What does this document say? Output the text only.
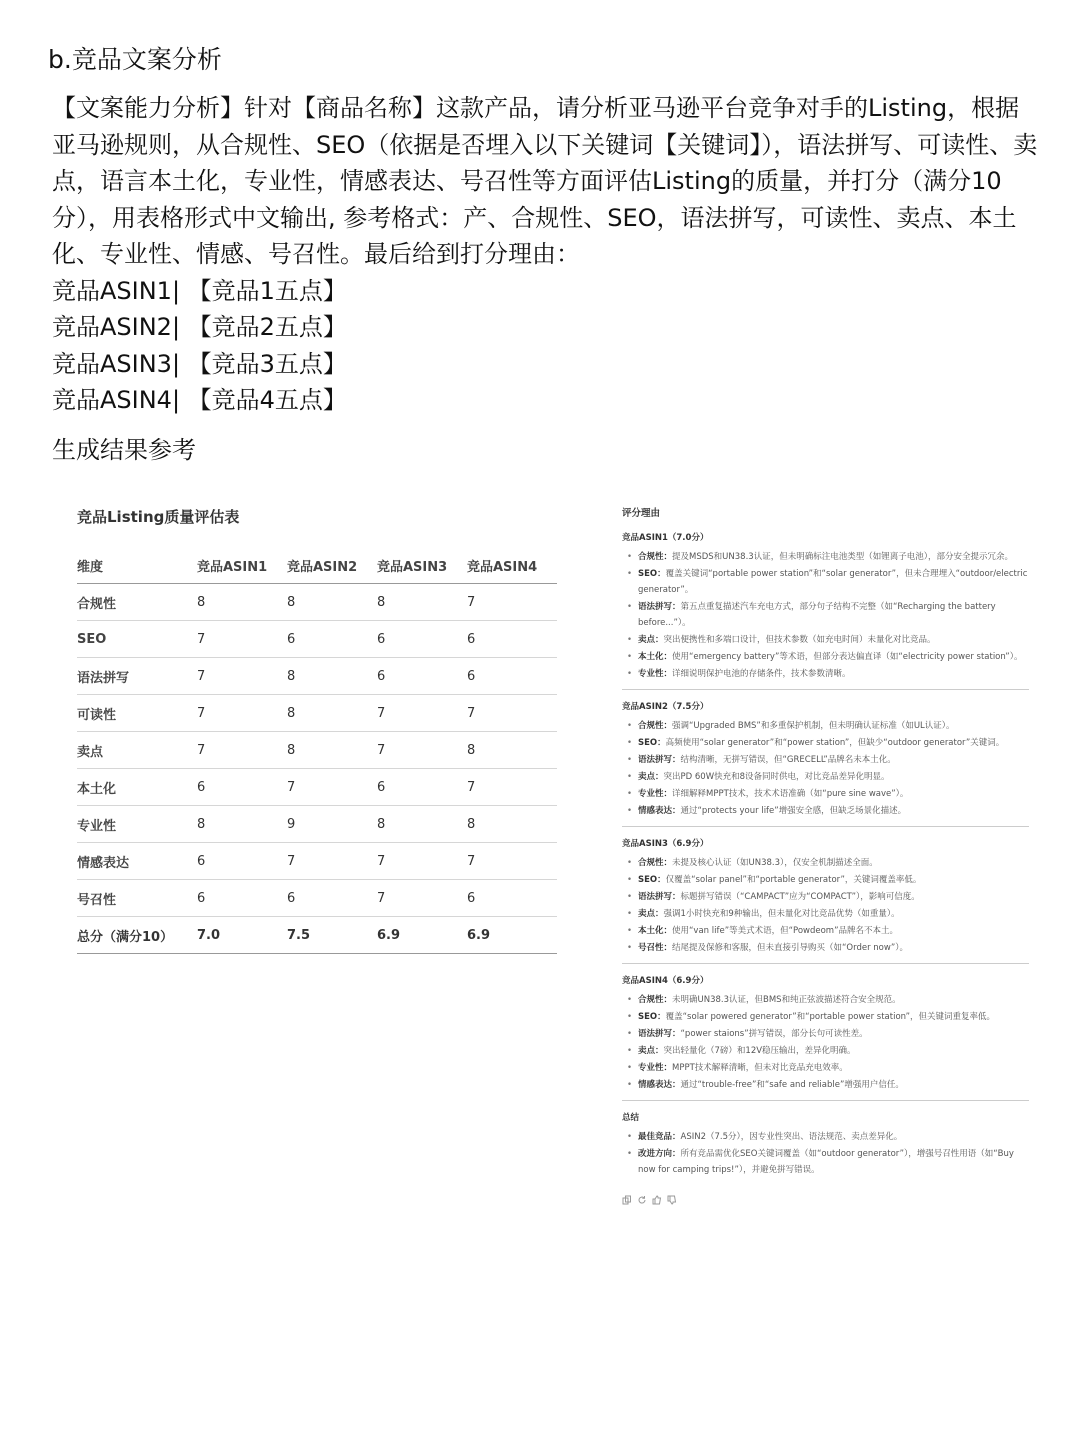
b.竞品文案分析

【文案能力分析】针对【商品名称】这款产品，请分析亚马逊平台竞争对手的Listing，根据亚马逊规则，从合规性、SEO（依据是否埋入以下关键词【关键词】），语法拼写、可读性、卖点，语言本土化，专业性，情感表达、号召性等方面评估Listing的质量，并打分（满分10分），用表格形式中文输出, 参考格式：产、合规性、SEO，语法拼写，可读性、卖点、本土化、专业性、情感、号召性。最后给到打分理由：

竞品ASIN1| 【竞品1五点】

竞品ASIN2| 【竞品2五点】

竞品ASIN3| 【竞品3五点】

竞品ASIN4| 【竞品4五点】

生成结果参考
竞品Listing质量评估表
维度	竞品ASIN1	竞品ASIN2	竞品ASIN3	竞品ASIN4
合规性	8	8	8	7
SEO	7	6	6	6
语法拼写	7	8	6	6
可读性	7	8	7	7
卖点	7	8	7	8
本土化	6	7	6	7
专业性	8	9	8	8
情感表达	6	7	7	7
号召性	6	6	7	6
总分（满分10）	7.0	7.5	6.9	6.9
评分理由
竞品ASIN1（7.0分）
• 合规性：提及MSDS和UN38.3认证，但未明确标注电池类型（如锂离子电池），部分安全提示冗余。
• SEO：覆盖关键词“portable power station”和“solar generator”，但未合理埋入“outdoor/electric generator”。
• 语法拼写：第五点重复描述汽车充电方式，部分句子结构不完整（如“Recharging the battery before...”）。
• 卖点：突出便携性和多端口设计，但技术参数（如充电时间）未量化对比竞品。
• 本土化：使用“emergency battery”等术语，但部分表达偏直译（如“electricity power station”）。
• 专业性：详细说明保护电池的存储条件，技术参数清晰。
竞品ASIN2（7.5分）
• 合规性：强调“Upgraded BMS”和多重保护机制，但未明确认证标准（如UL认证）。
• SEO：高频使用“solar generator”和“power station”，但缺少“outdoor generator”关键词。
• 语法拼写：结构清晰，无拼写错误，但“GRECELL”品牌名未本土化。
• 卖点：突出PD 60W快充和8设备同时供电，对比竞品差异化明显。
• 专业性：详细解释MPPT技术，技术术语准确（如“pure sine wave”）。
• 情感表达：通过“protects your life”增强安全感，但缺乏场景化描述。
竞品ASIN3（6.9分）
• 合规性：未提及核心认证（如UN38.3），仅安全机制描述全面。
• SEO：仅覆盖“solar panel”和“portable generator”，关键词覆盖率低。
• 语法拼写：标题拼写错误（“CAMPACT”应为“COMPACT”），影响可信度。
• 卖点：强调1小时快充和9种输出，但未量化对比竞品优势（如重量）。
• 本土化：使用“van life”等美式术语，但“Powdeom”品牌名不本土。
• 号召性：结尾提及保修和客服，但未直接引导购买（如“Order now”）。
竞品ASIN4（6.9分）
• 合规性：未明确UN38.3认证，但BMS和纯正弦波描述符合安全规范。
• SEO：覆盖“solar powered generator”和“portable power station”，但关键词重复率低。
• 语法拼写：“power staions”拼写错误，部分长句可读性差。
• 卖点：突出轻量化（7磅）和12V稳压输出，差异化明确。
• 专业性：MPPT技术解释清晰，但未对比竞品充电效率。
• 情感表达：通过“trouble-free”和“safe and reliable”增强用户信任。
总结
• 最佳竞品：ASIN2（7.5分），因专业性突出、语法规范、卖点差异化。
• 改进方向：所有竞品需优化SEO关键词覆盖（如“outdoor generator”），增强号召性用语（如“Buy now for camping trips!”），并避免拼写错误。
